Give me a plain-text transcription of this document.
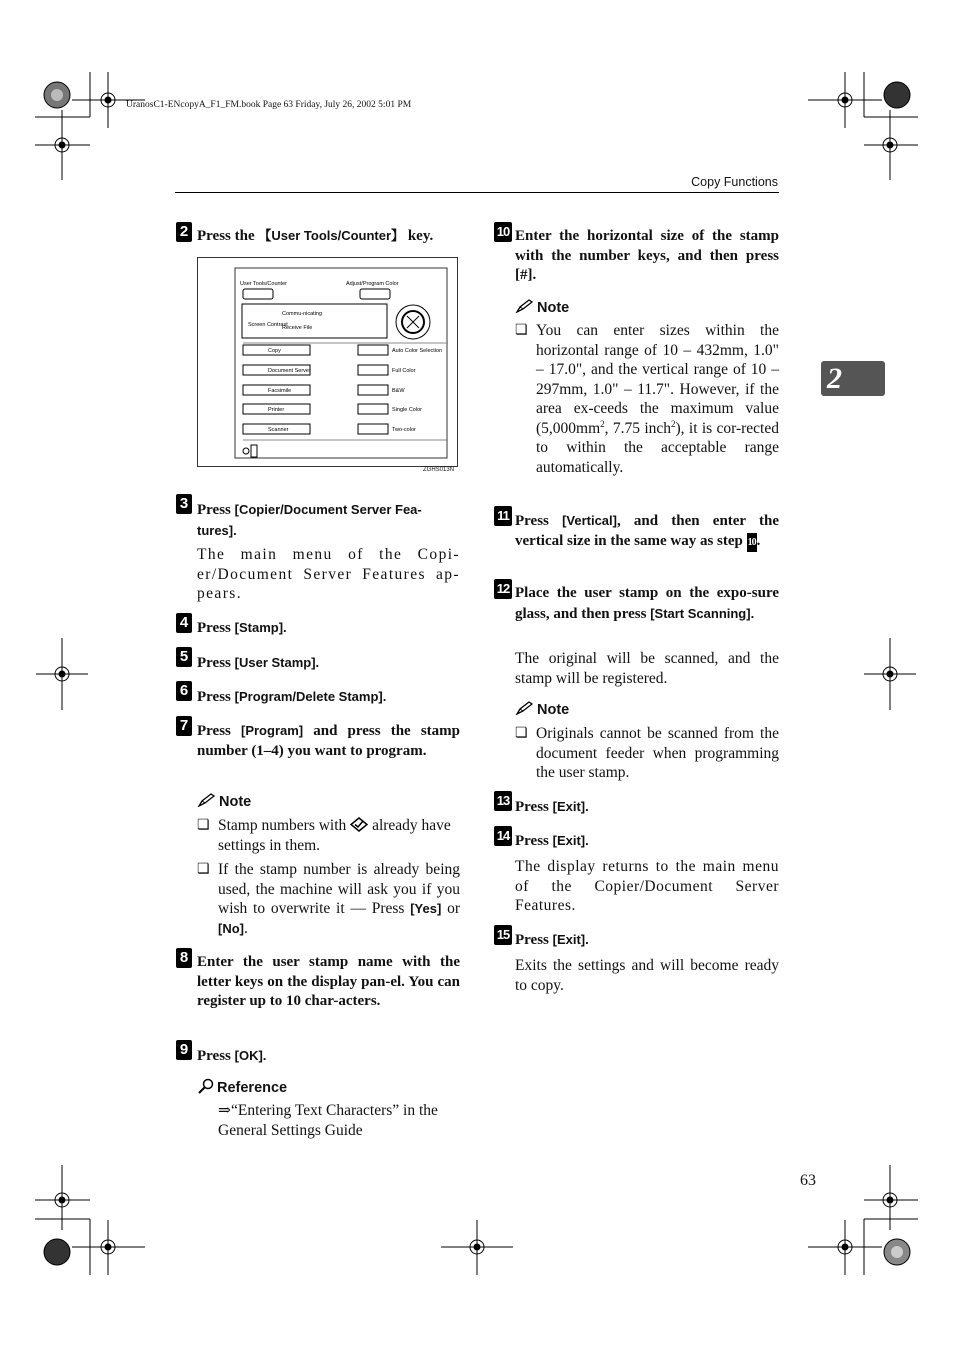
UranosC1-ENcopyA_F1_FM.book Page 63 Friday, July 26, 2002 5:01 PM
Copy Functions
2
2 Press the 【User Tools/Counter】 key.
User Tools/Counter	Adjust/Program Color
Screen Contrast
Commu-nicating
Receive File
Copy
Document Server
Facsimile
Printer
Scanner
Auto Color Selection
Full Color
B&W
Single Color
Two-color
ZGHS013N
3 Press [Copier/Document Server Fea-tures].
The main menu of the Copi-er/Document Server Features ap-pears.
4 Press [Stamp].
5 Press [User Stamp].
6 Press [Program/Delete Stamp].
7 Press [Program] and press the stamp number (1–4) you want to program.
Note
❏ Stamp numbers with  already have settings in them.
❏ If the stamp number is already being used, the machine will ask you if you wish to overwrite it — Press [Yes] or [No].
8 Enter the user stamp name with the letter keys on the display pan-el. You can register up to 10 char-acters.
9 Press [OK].
Reference
⇒“Entering Text Characters” in the General Settings Guide
10 Enter the horizontal size of the stamp with the number keys, and then press [#].
Note
❏ You can enter sizes within the horizontal range of 10 – 432mm, 1.0" – 17.0", and the vertical range of 10 – 297mm, 1.0" – 11.7". However, if the area ex-ceeds the maximum value ($5,000mm^2$, 7.75 inch$^2$), it is cor-rected to within the acceptable range automatically.
11 Press [Vertical], and then enter the vertical size in the same way as step 10.
12 Place the user stamp on the expo-sure glass, and then press [Start Scanning].
The original will be scanned, and the stamp will be registered.
Note
❏ Originals cannot be scanned from the document feeder when programming the user stamp.
13 Press [Exit].
14 Press [Exit].
The display returns to the main menu of the Copier/Document Server Features.
15 Press [Exit].
Exits the settings and will become ready to copy.
63
